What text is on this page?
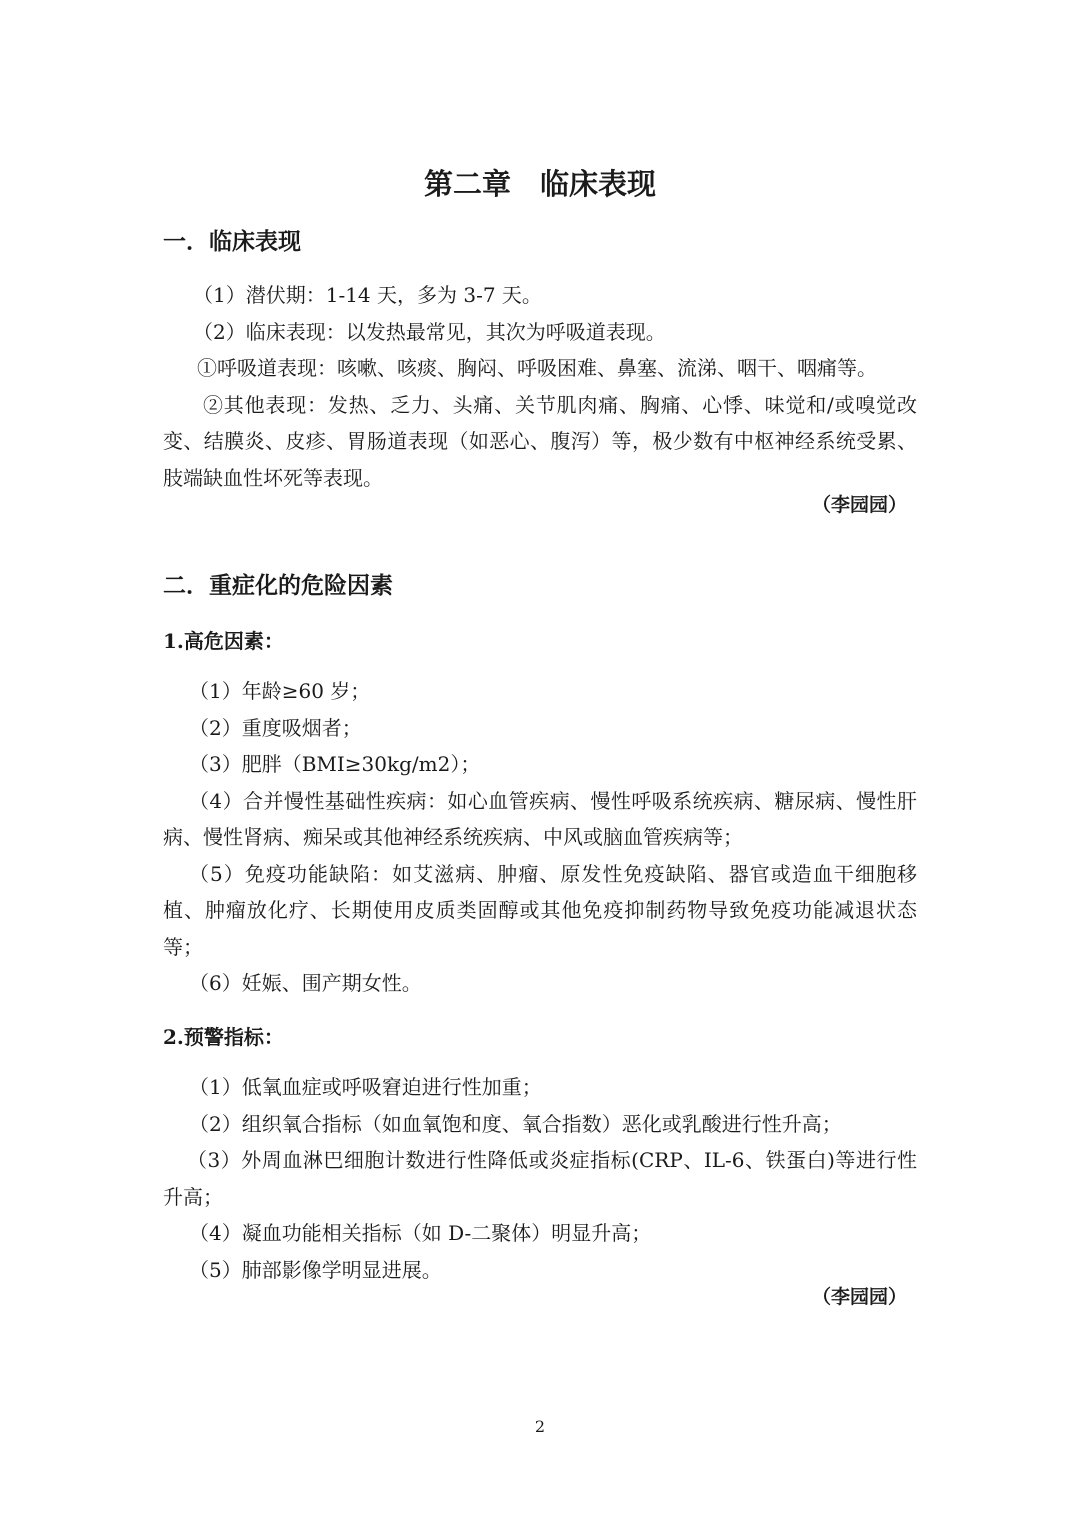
第二章　临床表现
一．临床表现

（1）潜伏期：1-14 天，多为 3-7 天。

（2）临床表现：以发热最常见，其次为呼吸道表现。

①呼吸道表现：咳嗽、咳痰、胸闷、呼吸困难、鼻塞、流涕、咽干、咽痛等。

②其他表现：发热、乏力、头痛、关节肌肉痛、胸痛、心悸、味觉和/或嗅觉改变、结膜炎、皮疹、胃肠道表现（如恶心、腹泻）等，极少数有中枢神经系统受累、肢端缺血性坏死等表现。

（李园园）

二．重症化的危险因素
1.高危因素：
（1）年龄≥60 岁；
（2）重度吸烟者；
（3）肥胖（BMI≥30kg/m2）；
（4）合并慢性基础性疾病：如心血管疾病、慢性呼吸系统疾病、糖尿病、慢性肝病、慢性肾病、痴呆或其他神经系统疾病、中风或脑血管疾病等；
（5）免疫功能缺陷：如艾滋病、肿瘤、原发性免疫缺陷、器官或造血干细胞移植、肿瘤放化疗、长期使用皮质类固醇或其他免疫抑制药物导致免疫功能减退状态等；
（6）妊娠、围产期女性。
2.预警指标：
（1）低氧血症或呼吸窘迫进行性加重；
（2）组织氧合指标（如血氧饱和度、氧合指数）恶化或乳酸进行性升高；
（3）外周血淋巴细胞计数进行性降低或炎症指标(CRP、IL-6、铁蛋白)等进行性升高；
（4）凝血功能相关指标（如 D-二聚体）明显升高；
（5）肺部影像学明显进展。

（李园园）

2
